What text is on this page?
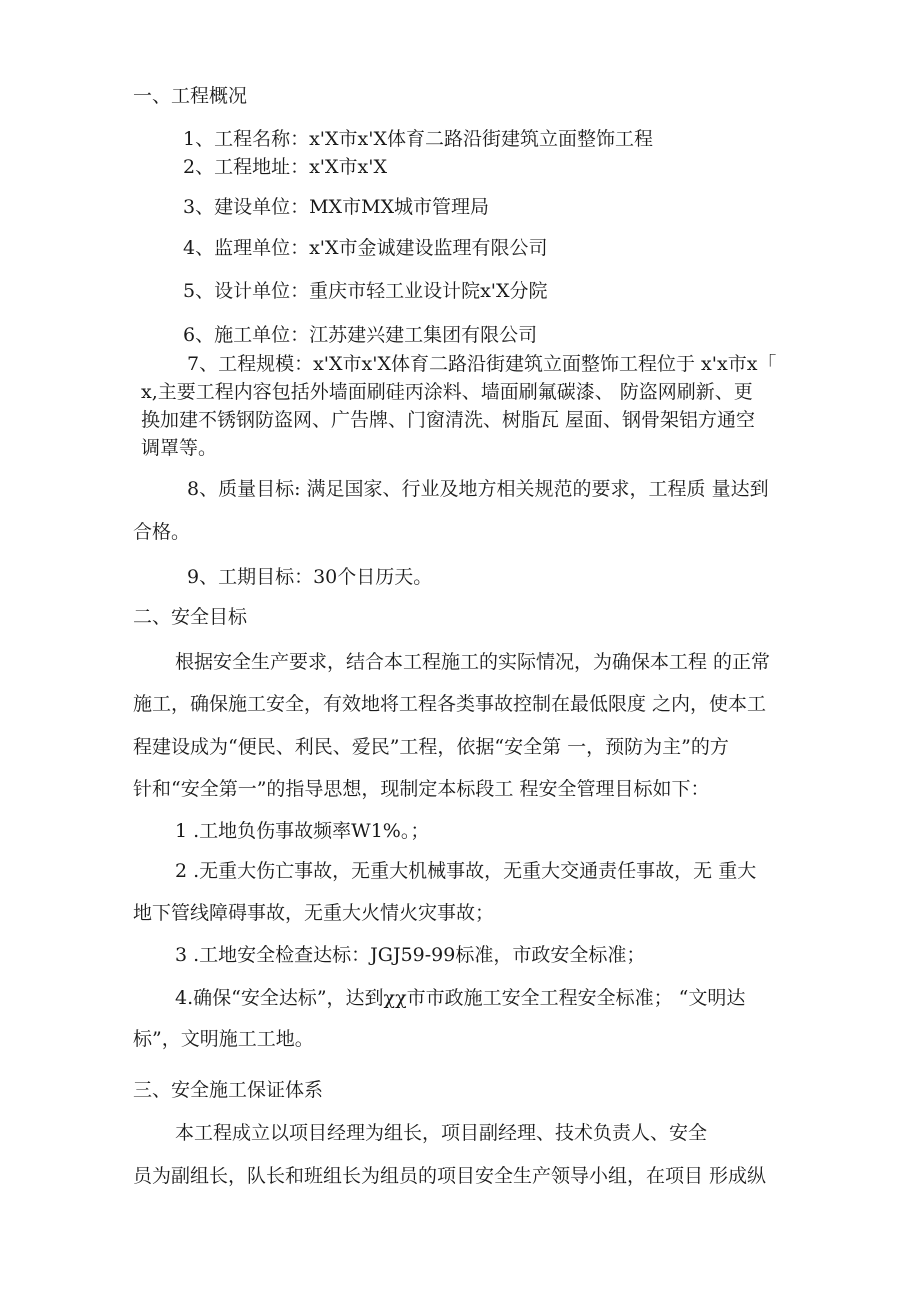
一、工程概况
1、工程名称：x'X市x'X体育二路沿街建筑立面整饰工程
2、工程地址：x'X市x'X
3、建设单位：MX市MX城市管理局
4、监理单位：x'X市金诚建设监理有限公司
5、设计单位：重庆市轻工业设计院x'X分院
6、施工单位：江苏建兴建工集团有限公司
7、工程规模：x'X市x'X体育二路沿街建筑立面整饰工程位于 x'x市x「
x,主要工程内容包括外墙面刷硅丙涂料、墙面刷氟碳漆、 防盗网刷新、更
换加建不锈钢防盗网、广告牌、门窗清洗、树脂瓦 屋面、钢骨架铝方通空
调罩等。
8、质量目标: 满足国家、行业及地方相关规范的要求，工程质 量达到
合格。
9、工期目标：30个日历天。
二、安全目标
根据安全生产要求，结合本工程施工的实际情况，为确保本工程 的正常
施工，确保施工安全，有效地将工程各类事故控制在最低限度 之内，使本工
程建设成为“便民、利民、爱民”工程，依据“安全第 一，预防为主”的方
针和“安全第一”的指导思想，现制定本标段工 程安全管理目标如下：
1 .工地负伤事故频率W1%。；
2 .无重大伤亡事故，无重大机械事故，无重大交通责任事故，无 重大
地下管线障碍事故，无重大火情火灾事故；
3 .工地安全检查达标：JGJ59-99标准，市政安全标准；
4.确保“安全达标”，达到χχ市市政施工安全工程安全标准； “文明达
标”，文明施工工地。
三、安全施工保证体系
本工程成立以项目经理为组长，项目副经理、技术负责人、安全
员为副组长，队长和班组长为组员的项目安全生产领导小组，在项目 形成纵
